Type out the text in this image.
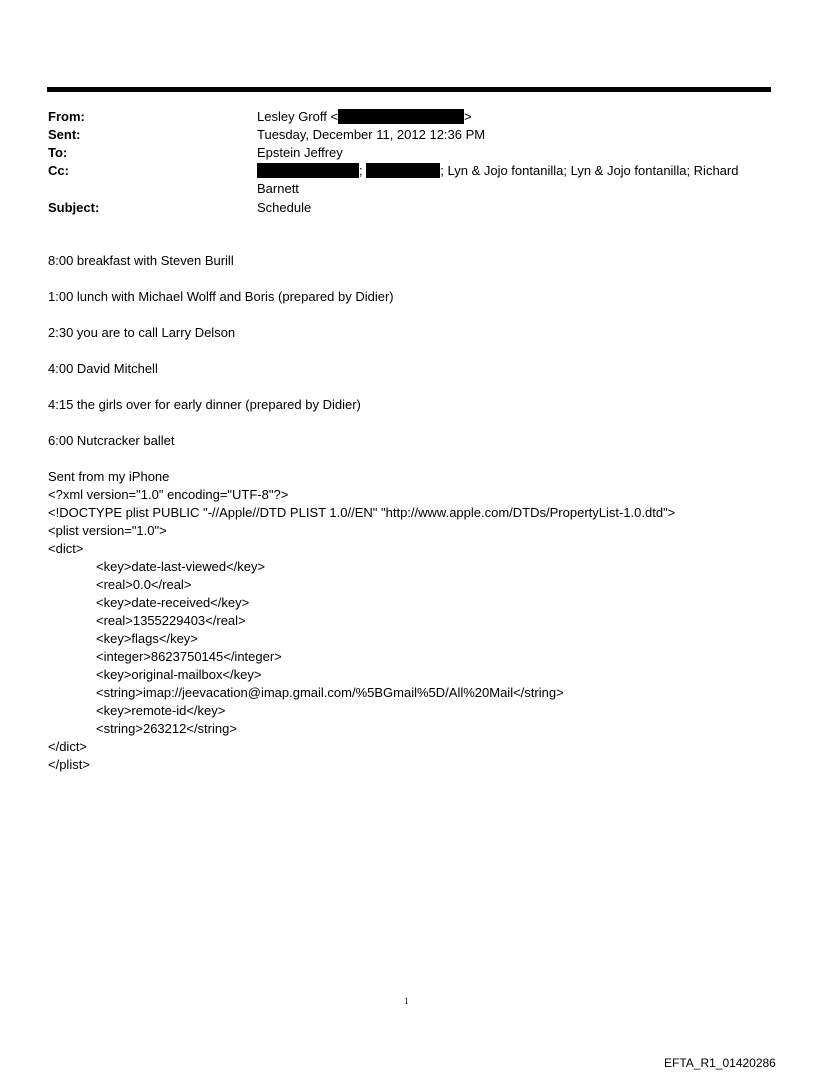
From:	Lesley Groff <	>
Sent:	Tuesday, December 11, 2012 12:36 PM
To:	Epstein Jeffrey
Cc:	;	; Lyn & Jojo fontanilla; Lyn & Jojo fontanilla; Richard
Barnett
Subject:	Schedule
8:00 breakfast with Steven Burill
1:00 lunch with Michael Wolff and Boris (prepared by Didier)
2:30 you are to call Larry Delson
4:00 David Mitchell
4:15 the girls over for early dinner (prepared by Didier)
6:00 Nutcracker ballet
Sent from my iPhone
<?xml version="1.0" encoding="UTF-8"?>
<!DOCTYPE plist PUBLIC "-//Apple//DTD PLIST 1.0//EN" "http://www.apple.com/DTDs/PropertyList-1.0.dtd">
<plist version="1.0">
<dict>
<key>date-last-viewed</key>
<real>0.0</real>
<key>date-received</key>
<real>1355229403</real>
<key>flags</key>
<integer>8623750145</integer>
<key>original-mailbox</key>
<string>imap://jeevacation@imap.gmail.com/%5BGmail%5D/All%20Mail</string>
<key>remote-id</key>
<string>263212</string>
</dict>
</plist>
1
EFTA_R1_01420286
